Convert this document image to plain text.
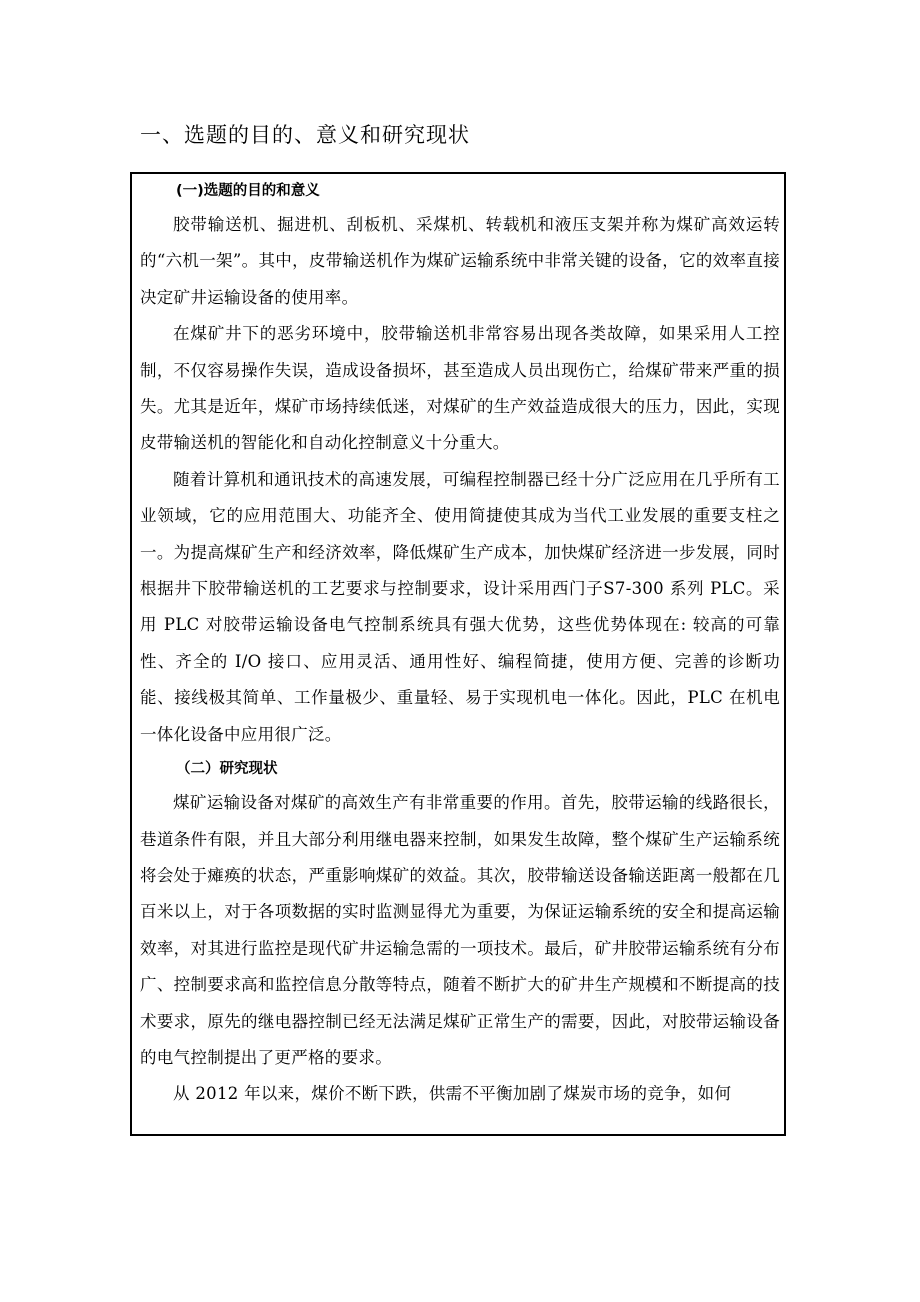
一、选题的目的、意义和研究现状

(一)选题的目的和意义

胶带输送机、掘进机、刮板机、采煤机、转载机和液压支架并称为煤矿高效运转的“六机一架”。其中，皮带输送机作为煤矿运输系统中非常关键的设备，它的效率直接决定矿井运输设备的使用率。

在煤矿井下的恶劣环境中，胶带输送机非常容易出现各类故障，如果采用人工控制，不仅容易操作失误，造成设备损坏，甚至造成人员出现伤亡，给煤矿带来严重的损失。尤其是近年，煤矿市场持续低迷，对煤矿的生产效益造成很大的压力，因此，实现皮带输送机的智能化和自动化控制意义十分重大。

随着计算机和通讯技术的高速发展，可编程控制器已经十分广泛应用在几乎所有工业领域，它的应用范围大、功能齐全、使用简捷使其成为当代工业发展的重要支柱之一。为提高煤矿生产和经济效率，降低煤矿生产成本，加快煤矿经济进一步发展，同时根据井下胶带输送机的工艺要求与控制要求，设计采用西门子S7-300 系列 PLC。采用 PLC 对胶带运输设备电气控制系统具有强大优势，这些优势体现在: 较高的可靠性、齐全的 I/O 接口、应用灵活、通用性好、编程简捷，使用方便、完善的诊断功能、接线极其简单、工作量极少、重量轻、易于实现机电一体化。因此，PLC 在机电一体化设备中应用很广泛。

（二）研究现状

煤矿运输设备对煤矿的高效生产有非常重要的作用。首先，胶带运输的线路很长，巷道条件有限，并且大部分利用继电器来控制，如果发生故障，整个煤矿生产运输系统将会处于瘫痪的状态，严重影响煤矿的效益。其次，胶带输送设备输送距离一般都在几百米以上，对于各项数据的实时监测显得尤为重要，为保证运输系统的安全和提高运输效率，对其进行监控是现代矿井运输急需的一项技术。最后，矿井胶带运输系统有分布广、控制要求高和监控信息分散等特点，随着不断扩大的矿井生产规模和不断提高的技术要求，原先的继电器控制已经无法满足煤矿正常生产的需要，因此，对胶带运输设备的电气控制提出了更严格的要求。

从 2012 年以来，煤价不断下跌，供需不平衡加剧了煤炭市场的竞争，如何
